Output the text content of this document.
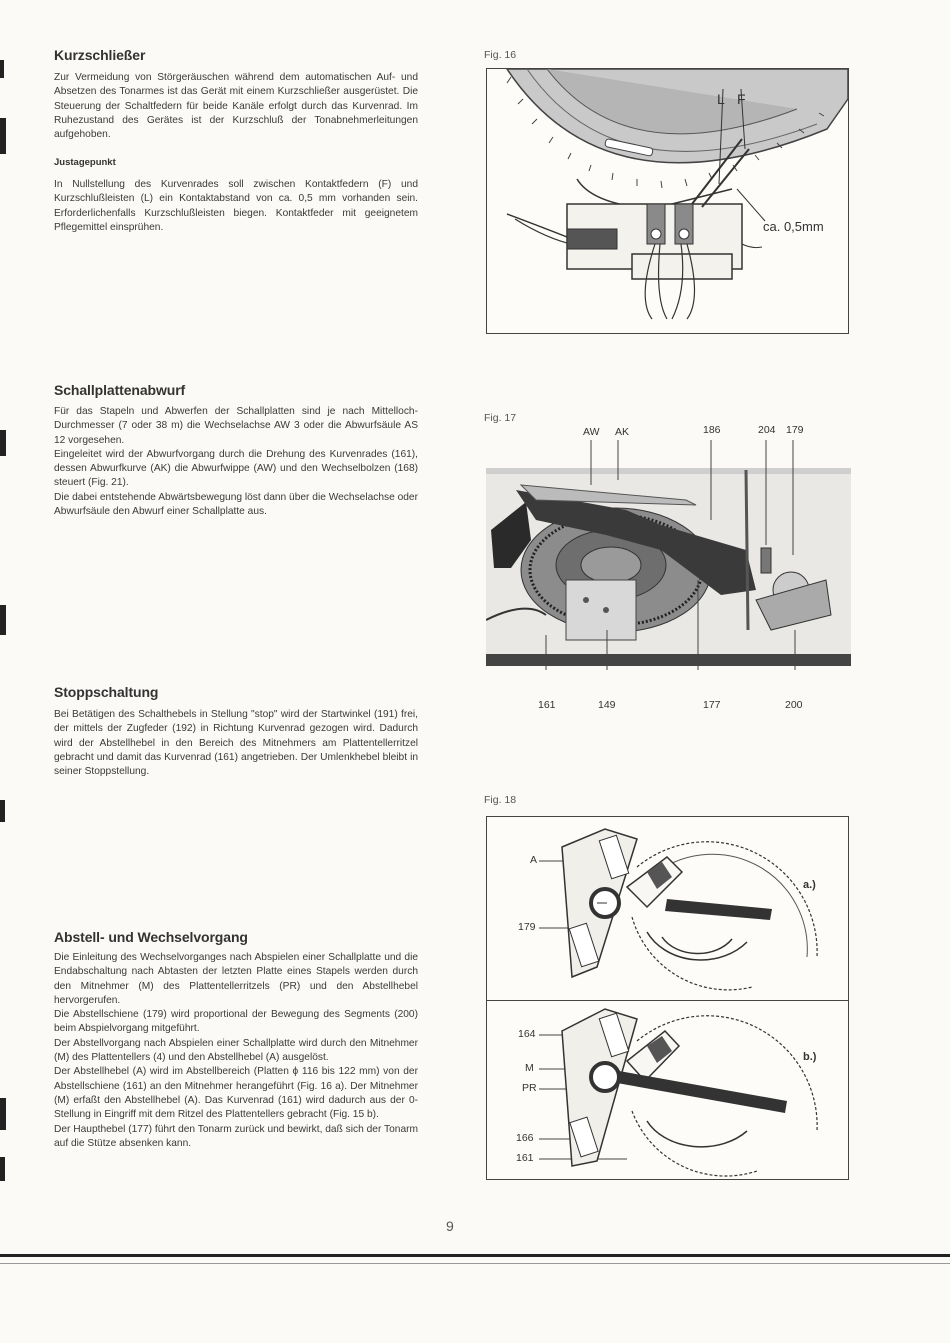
Kurzschließer

Zur Vermeidung von Störgeräuschen während dem automatischen Auf- und Absetzen des Tonarmes ist das Gerät mit einem Kurzschließer ausgerüstet. Die Steuerung der Schaltfedern für beide Kanäle erfolgt durch das Kurvenrad. Im Ruhezustand des Gerätes ist der Kurzschluß der Tonabnehmerleitungen aufgehoben.

Justagepunkt

In Nullstellung des Kurvenrades soll zwischen Kontaktfedern (F) und Kurzschlußleisten (L) ein Kontaktabstand von ca. 0,5 mm vorhanden sein. Erforderlichenfalls Kurzschlußleisten biegen. Kontaktfeder mit geeignetem Pflegemittel einsprühen.

Schallplattenabwurf

Für das Stapeln und Abwerfen der Schallplatten sind je nach Mittelloch-Durchmesser (7 oder 38 m) die Wechselachse AW 3 oder die Abwurfsäule AS 12 vorgesehen.
Eingeleitet wird der Abwurfvorgang durch die Drehung des Kurvenrades (161), dessen Abwurfkurve (AK) die Abwurfwippe (AW) und den Wechselbolzen (168) steuert (Fig. 21).
Die dabei entstehende Abwärtsbewegung löst dann über die Wechselachse oder Abwurfsäule den Abwurf einer Schallplatte aus.

Stoppschaltung

Bei Betätigen des Schalthebels in Stellung "stop" wird der Startwinkel (191) frei, der mittels der Zugfeder (192) in Richtung Kurvenrad gezogen wird. Dadurch wird der Abstellhebel in den Bereich des Mitnehmers am Plattentellerritzel gebracht und damit das Kurvenrad (161) angetrieben. Der Umlenkhebel bleibt in seiner Stoppstellung.

Abstell- und Wechselvorgang

Die Einleitung des Wechselvorganges nach Abspielen einer Schallplatte und die Endabschaltung nach Abtasten der letzten Platte eines Stapels werden durch den Mitnehmer (M) des Plattentellerritzels (PR) und den Abstellhebel hervorgerufen.
Die Abstellschiene (179) wird proportional der Bewegung des Segments (200) beim Abspielvorgang mitgeführt.
Der Abstellvorgang nach Abspielen einer Schallplatte wird durch den Mitnehmer (M) des Plattentellers (4) und den Abstellhebel (A) ausgelöst.
Der Abstellhebel (A) wird im Abstellbereich (Platten ϕ 116 bis 122 mm) von der Abstellschiene (161) an den Mitnehmer herangeführt (Fig. 16 a). Der Mitnehmer (M) erfaßt den Abstellhebel (A). Das Kurvenrad (161) wird dadurch aus der 0-Stellung in Eingriff mit dem Ritzel des Plattentellers gebracht (Fig. 15 b).
Der Haupthebel (177) führt den Tonarm zurück und bewirkt, daß sich der Tonarm auf die Stütze absenken kann.

Fig. 16
L F
ca. 0,5mm
Fig. 17
AW AK	186	204 179
161	149	177	200
Fig. 18
A
179
a.)
164
M
PR
166
161
b.)
9
